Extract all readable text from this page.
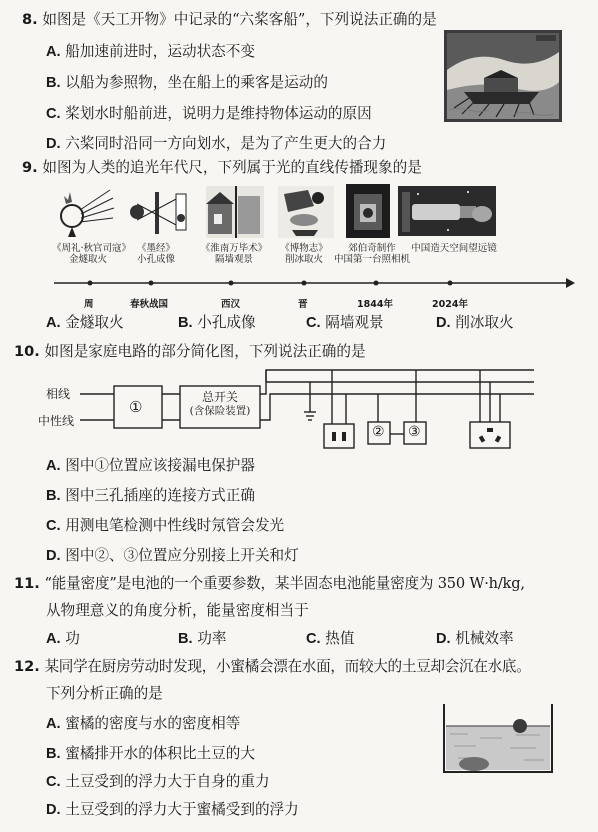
8. 如图是《天工开物》中记录的“六桨客船”，下列说法正确的是
A. 船加速前进时，运动状态不变
B. 以船为参照物，坐在船上的乘客是运动的
C. 桨划水时船前进，说明力是维持物体运动的原因
D. 六桨同时沿同一方向划水，是为了产生更大的合力
9. 如图为人类的追光年代尺，下列属于光的直线传播现象的是
《周礼·秋官司寇》
金燧取火
《墨经》
小孔成像
《淮南万毕术》
隔墙观景
《博物志》
削冰取火
郊伯奇制作
中国第一台照相机
中国造天空间望远镜
周	春秋战国	西汉	晋	1844年	2024年
A. 金燧取火	B. 小孔成像	C. 隔墙观景	D. 削冰取火
10. 如图是家庭电路的部分简化图，下列说法正确的是
相线
中性线
①
总开关
(含保险装置)
② ③
A. 图中①位置应该接漏电保护器
B. 图中三孔插座的连接方式正确
C. 用测电笔检测中性线时氖管会发光
D. 图中②、③位置应分别接上开关和灯
11. “能量密度”是电池的一个重要参数，某半固态电池能量密度为 350 W·h/kg,
从物理意义的角度分析，能量密度相当于
A. 功	B. 功率	C. 热值	D. 机械效率
12. 某同学在厨房劳动时发现，小蜜橘会漂在水面，而较大的土豆却会沉在水底。
下列分析正确的是
A. 蜜橘的密度与水的密度相等
B. 蜜橘排开水的体积比土豆的大
C. 土豆受到的浮力大于自身的重力
D. 土豆受到的浮力大于蜜橘受到的浮力
